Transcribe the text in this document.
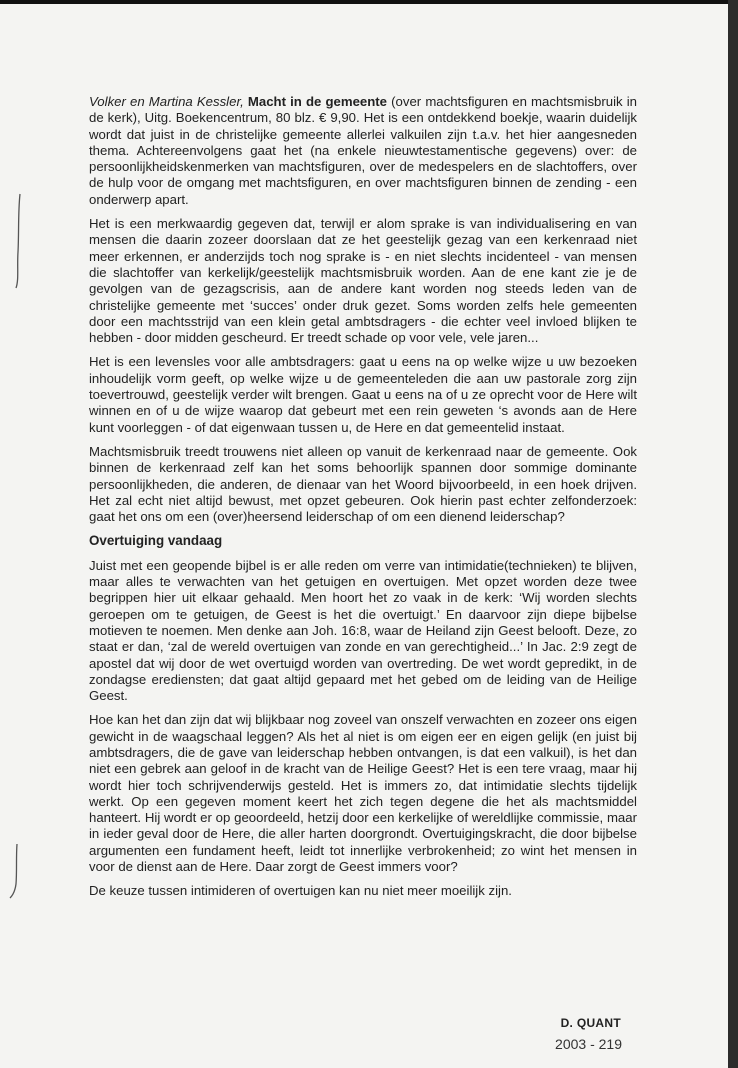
Volker en Martina Kessler, Macht in de gemeente (over machtsfiguren en machtsmisbruik in de kerk), Uitg. Boekencentrum, 80 blz. € 9,90. Het is een ontdekkend boekje, waarin duidelijk wordt dat juist in de christelijke gemeente allerlei valkuilen zijn t.a.v. het hier aangesneden thema. Achtereenvolgens gaat het (na enkele nieuwtestamentische gegevens) over: de persoonlijkheidskenmerken van machtsfiguren, over de medespelers en de slachtoffers, over de hulp voor de omgang met machtsfiguren, en over machtsfiguren binnen de zending - een onderwerp apart.

Het is een merkwaardig gegeven dat, terwijl er alom sprake is van individualisering en van mensen die daarin zozeer doorslaan dat ze het geestelijk gezag van een kerkenraad niet meer erkennen, er anderzijds toch nog sprake is - en niet slechts incidenteel - van mensen die slachtoffer van kerkelijk/geestelijk machtsmisbruik worden. Aan de ene kant zie je de gevolgen van de gezagscrisis, aan de andere kant worden nog steeds leden van de christelijke gemeente met ‘succes’ onder druk gezet. Soms worden zelfs hele gemeenten door een machtsstrijd van een klein getal ambtsdragers - die echter veel invloed blijken te hebben - door midden gescheurd. Er treedt schade op voor vele, vele jaren...

Het is een levensles voor alle ambtsdragers: gaat u eens na op welke wijze u uw bezoeken inhoudelijk vorm geeft, op welke wijze u de gemeenteleden die aan uw pastorale zorg zijn toevertrouwd, geestelijk verder wilt brengen. Gaat u eens na of u ze oprecht voor de Here wilt winnen en of u de wijze waarop dat gebeurt met een rein geweten ‘s avonds aan de Here kunt voorleggen - of dat eigenwaan tussen u, de Here en dat gemeentelid instaat.

Machtsmisbruik treedt trouwens niet alleen op vanuit de kerkenraad naar de gemeente. Ook binnen de kerkenraad zelf kan het soms behoorlijk spannen door sommige dominante persoonlijkheden, die anderen, de dienaar van het Woord bijvoorbeeld, in een hoek drijven. Het zal echt niet altijd bewust, met opzet gebeuren. Ook hierin past echter zelfonderzoek: gaat het ons om een (over)heersend leiderschap of om een dienend leiderschap?

Overtuiging vandaag

Juist met een geopende bijbel is er alle reden om verre van intimidatie(technieken) te blijven, maar alles te verwachten van het getuigen en overtuigen. Met opzet worden deze twee begrippen hier uit elkaar gehaald. Men hoort het zo vaak in de kerk: ‘Wij worden slechts geroepen om te getuigen, de Geest is het die overtuigt.’ En daarvoor zijn diepe bijbelse motieven te noemen. Men denke aan Joh. 16:8, waar de Heiland zijn Geest belooft. Deze, zo staat er dan, ‘zal de wereld overtuigen van zonde en van gerechtigheid...’ In Jac. 2:9 zegt de apostel dat wij door de wet overtuigd worden van overtreding. De wet wordt gepredikt, in de zondagse erediensten; dat gaat altijd gepaard met het gebed om de leiding van de Heilige Geest.

Hoe kan het dan zijn dat wij blijkbaar nog zoveel van onszelf verwachten en zozeer ons eigen gewicht in de waagschaal leggen? Als het al niet is om eigen eer en eigen gelijk (en juist bij ambtsdragers, die de gave van leiderschap hebben ontvangen, is dat een valkuil), is het dan niet een gebrek aan geloof in de kracht van de Heilige Geest? Het is een tere vraag, maar hij wordt hier toch schrijvenderwijs gesteld. Het is immers zo, dat intimidatie slechts tijdelijk werkt. Op een gegeven moment keert het zich tegen degene die het als machtsmiddel hanteert. Hij wordt er op geoordeeld, hetzij door een kerkelijke of wereldlijke commissie, maar in ieder geval door de Here, die aller harten doorgrondt. Overtuigingskracht, die door bijbelse argumenten een fundament heeft, leidt tot innerlijke verbrokenheid; zo wint het mensen in voor de dienst aan de Here. Daar zorgt de Geest immers voor?

De keuze tussen intimideren of overtuigen kan nu niet meer moeilijk zijn.

D. QUANT
2003 - 219
